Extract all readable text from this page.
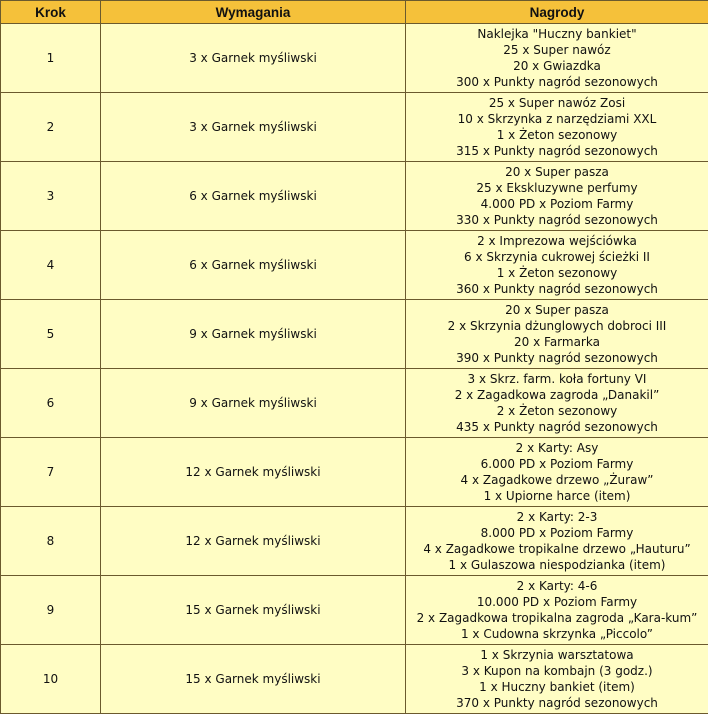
Krok	Wymagania	Nagrody
1	3 x Garnek myśliwski	Naklejka "Huczny bankiet"
25 x Super nawóz
20 x Gwiazdka
300 x Punkty nagród sezonowych

2	3 x Garnek myśliwski	25 x Super nawóz Zosi
10 x Skrzynka z narzędziami XXL
1 x Żeton sezonowy
315 x Punkty nagród sezonowych

3	6 x Garnek myśliwski	20 x Super pasza
25 x Ekskluzywne perfumy
4.000 PD x Poziom Farmy
330 x Punkty nagród sezonowych

4	6 x Garnek myśliwski	2 x Imprezowa wejściówka
6 x Skrzynia cukrowej ścieżki II
1 x Żeton sezonowy
360 x Punkty nagród sezonowych

5	9 x Garnek myśliwski	20 x Super pasza
2 x Skrzynia dżunglowych dobroci III
20 x Farmarka
390 x Punkty nagród sezonowych

6	9 x Garnek myśliwski	3 x Skrz. farm. koła fortuny VI
2 x Zagadkowa zagroda „Danakil”
2 x Żeton sezonowy
435 x Punkty nagród sezonowych

7	12 x Garnek myśliwski	2 x Karty: Asy
6.000 PD x Poziom Farmy
4 x Zagadkowe drzewo „Żuraw”
1 x Upiorne harce (item)

8	12 x Garnek myśliwski	2 x Karty: 2-3
8.000 PD x Poziom Farmy
4 x Zagadkowe tropikalne drzewo „Hauturu”
1 x Gulaszowa niespodzianka (item)

9	15 x Garnek myśliwski	2 x Karty: 4-6
10.000 PD x Poziom Farmy
2 x Zagadkowa tropikalna zagroda „Kara-kum”
1 x Cudowna skrzynka „Piccolo”

10	15 x Garnek myśliwski	1 x Skrzynia warsztatowa
3 x Kupon na kombajn (3 godz.)
1 x Huczny bankiet (item)
370 x Punkty nagród sezonowych
